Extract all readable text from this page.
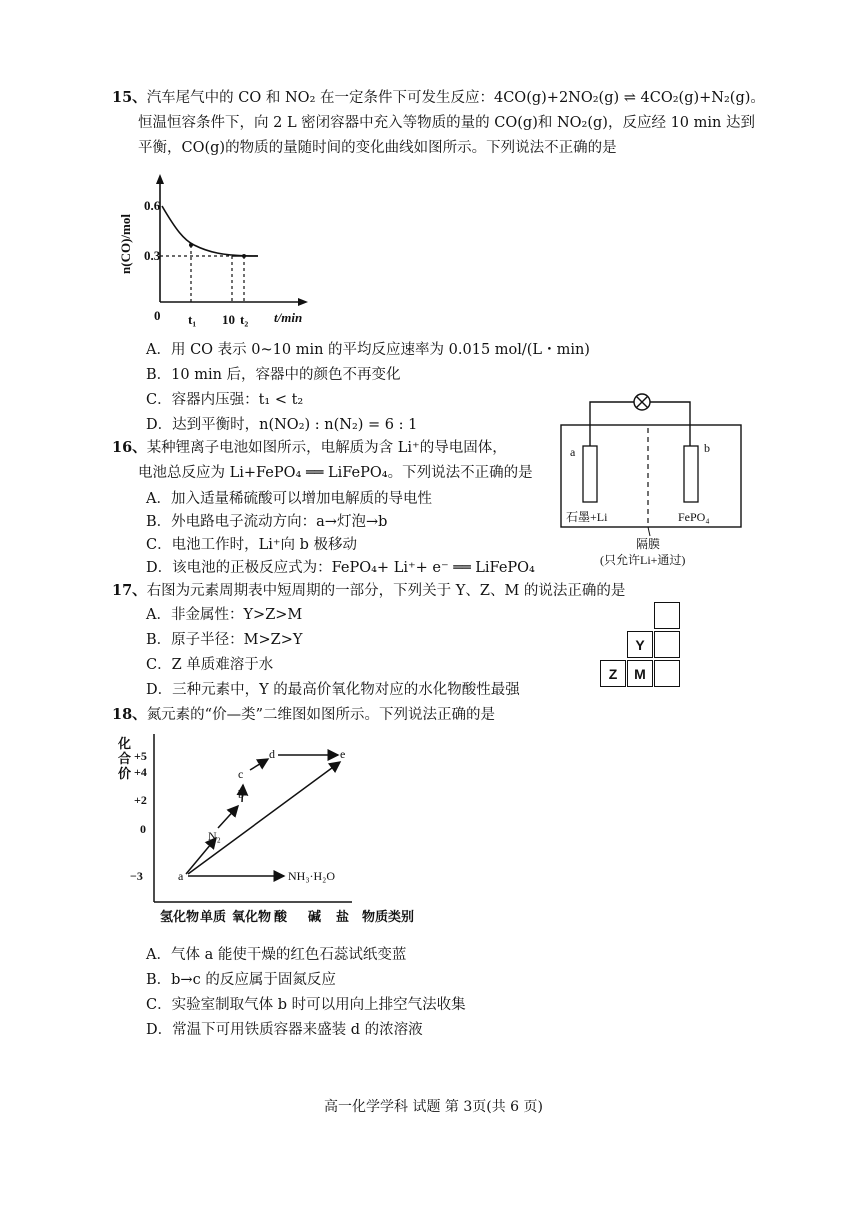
15、汽车尾气中的 CO 和 NO₂ 在一定条件下可发生反应：4CO(g)+2NO₂(g) ⇌ 4CO₂(g)+N₂(g)。
恒温恒容条件下，向 2 L 密闭容器中充入等物质的量的 CO(g)和 NO₂(g)，反应经 10 min 达到
平衡，CO(g)的物质的量随时间的变化曲线如图所示。下列说法不正确的是
n(CO)/mol
0.6
0.3
0 t₁ 10 t₂ t/min
A．用 CO 表示 0~10 min 的平均反应速率为 0.015 mol/(L・min)
B．10 min 后，容器中的颜色不再变化
C．容器内压强：t₁ < t₂
D．达到平衡时，n(NO₂) : n(N₂) = 6 : 1
16、某种锂离子电池如图所示，电解质为含 Li⁺的导电固体，
电池总反应为 Li+FePO₄ ══ LiFePO₄。下列说法不正确的是
A．加入适量稀硫酸可以增加电解质的导电性
B．外电路电子流动方向：a→灯泡→b
C．电池工作时，Li⁺向 b 极移动
D．该电池的正极反应式为：FePO₄+ Li⁺+ e⁻ ══ LiFePO₄
a	b
石墨+Li	FePO₄
隔膜
(只允许Li+通过)
17、右图为元素周期表中短周期的一部分，下列关于 Y、Z、M 的说法正确的是
A．非金属性：Y>Z>M
B．原子半径：M>Z>Y
C．Z 单质难溶于水
D．三种元素中，Y 的最高价氧化物对应的水化物酸性最强
Y
Z	M
18、氮元素的“价—类”二维图如图所示。下列说法正确的是
化
合
价
+5
+4
+2
0
−3
氢化物 单质 氧化物 酸 碱 盐 物质类别
a
N₂
b
c
d	e
NH₃·H₂O
A．气体 a 能使干燥的红色石蕊试纸变蓝
B．b→c 的反应属于固氮反应
C．实验室制取气体 b 时可以用向上排空气法收集
D．常温下可用铁质容器来盛装 d 的浓溶液
高一化学学科 试题 第 3页(共 6 页)
